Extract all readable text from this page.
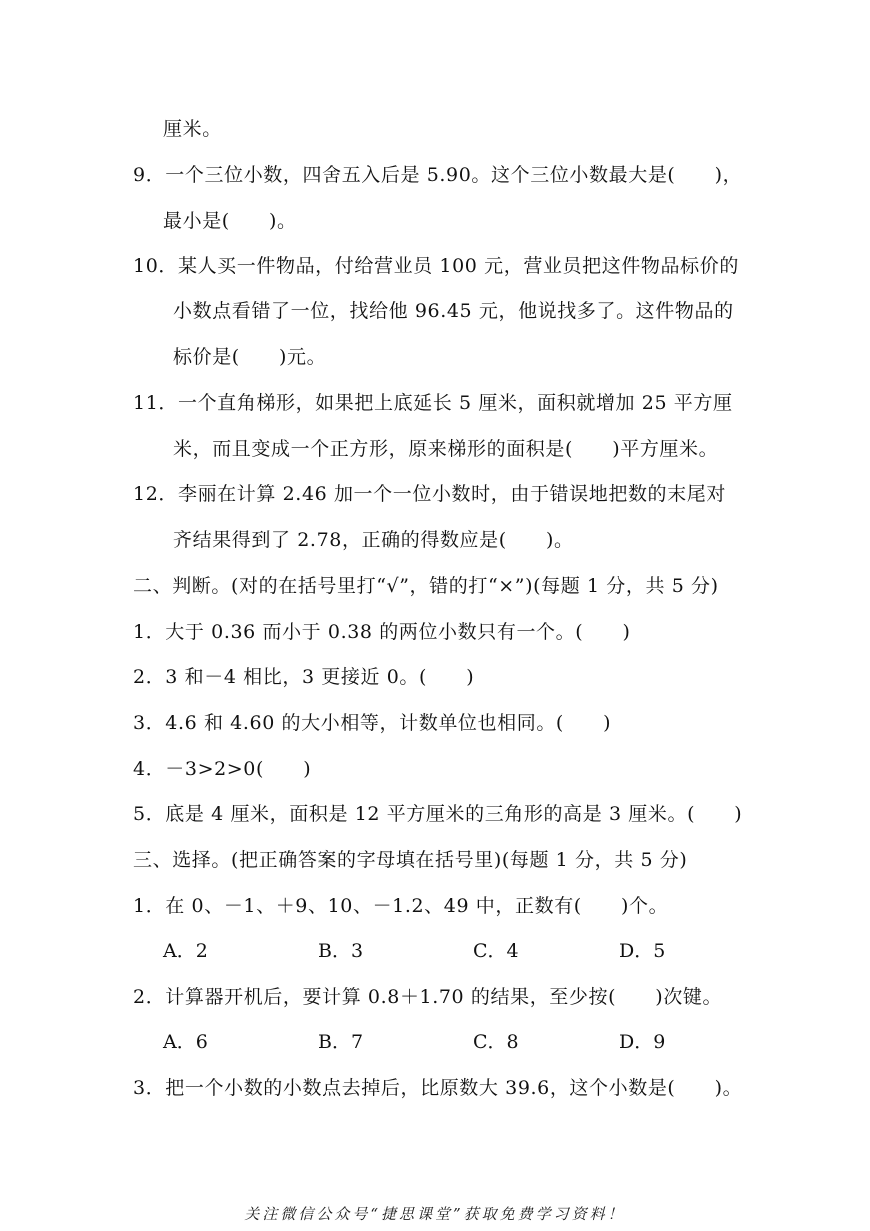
厘米。
9．一个三位小数，四舍五入后是 5.90。这个三位小数最大是(　　)，
最小是(　　)。
10．某人买一件物品，付给营业员 100 元，营业员把这件物品标价的
小数点看错了一位，找给他 96.45 元，他说找多了。这件物品的
标价是(　　)元。
11．一个直角梯形，如果把上底延长 5 厘米，面积就增加 25 平方厘
米，而且变成一个正方形，原来梯形的面积是(　　)平方厘米。
12．李丽在计算 2.46 加一个一位小数时，由于错误地把数的末尾对
齐结果得到了 2.78，正确的得数应是(　　)。
二、判断。(对的在括号里打“√”，错的打“×”)(每题 1 分，共 5 分)
1．大于 0.36 而小于 0.38 的两位小数只有一个。(　　)
2．3 和－4 相比，3 更接近 0。(　　)
3．4.6 和 4.60 的大小相等，计数单位也相同。(　　)
4．－3>2>0(　　)
5．底是 4 厘米，面积是 12 平方厘米的三角形的高是 3 厘米。(　　)
三、选择。(把正确答案的字母填在括号里)(每题 1 分，共 5 分)
1．在 0、－1、＋9、10、－1.2、49 中，正数有(　　)个。
A．2	B．3	C．4	D．5
2．计算器开机后，要计算 0.8＋1.70 的结果，至少按(　　)次键。
A．6	B．7	C．8	D．9
3．把一个小数的小数点去掉后，比原数大 39.6，这个小数是(　　)。
关注微信公众号“捷思课堂”获取免费学习资料！
